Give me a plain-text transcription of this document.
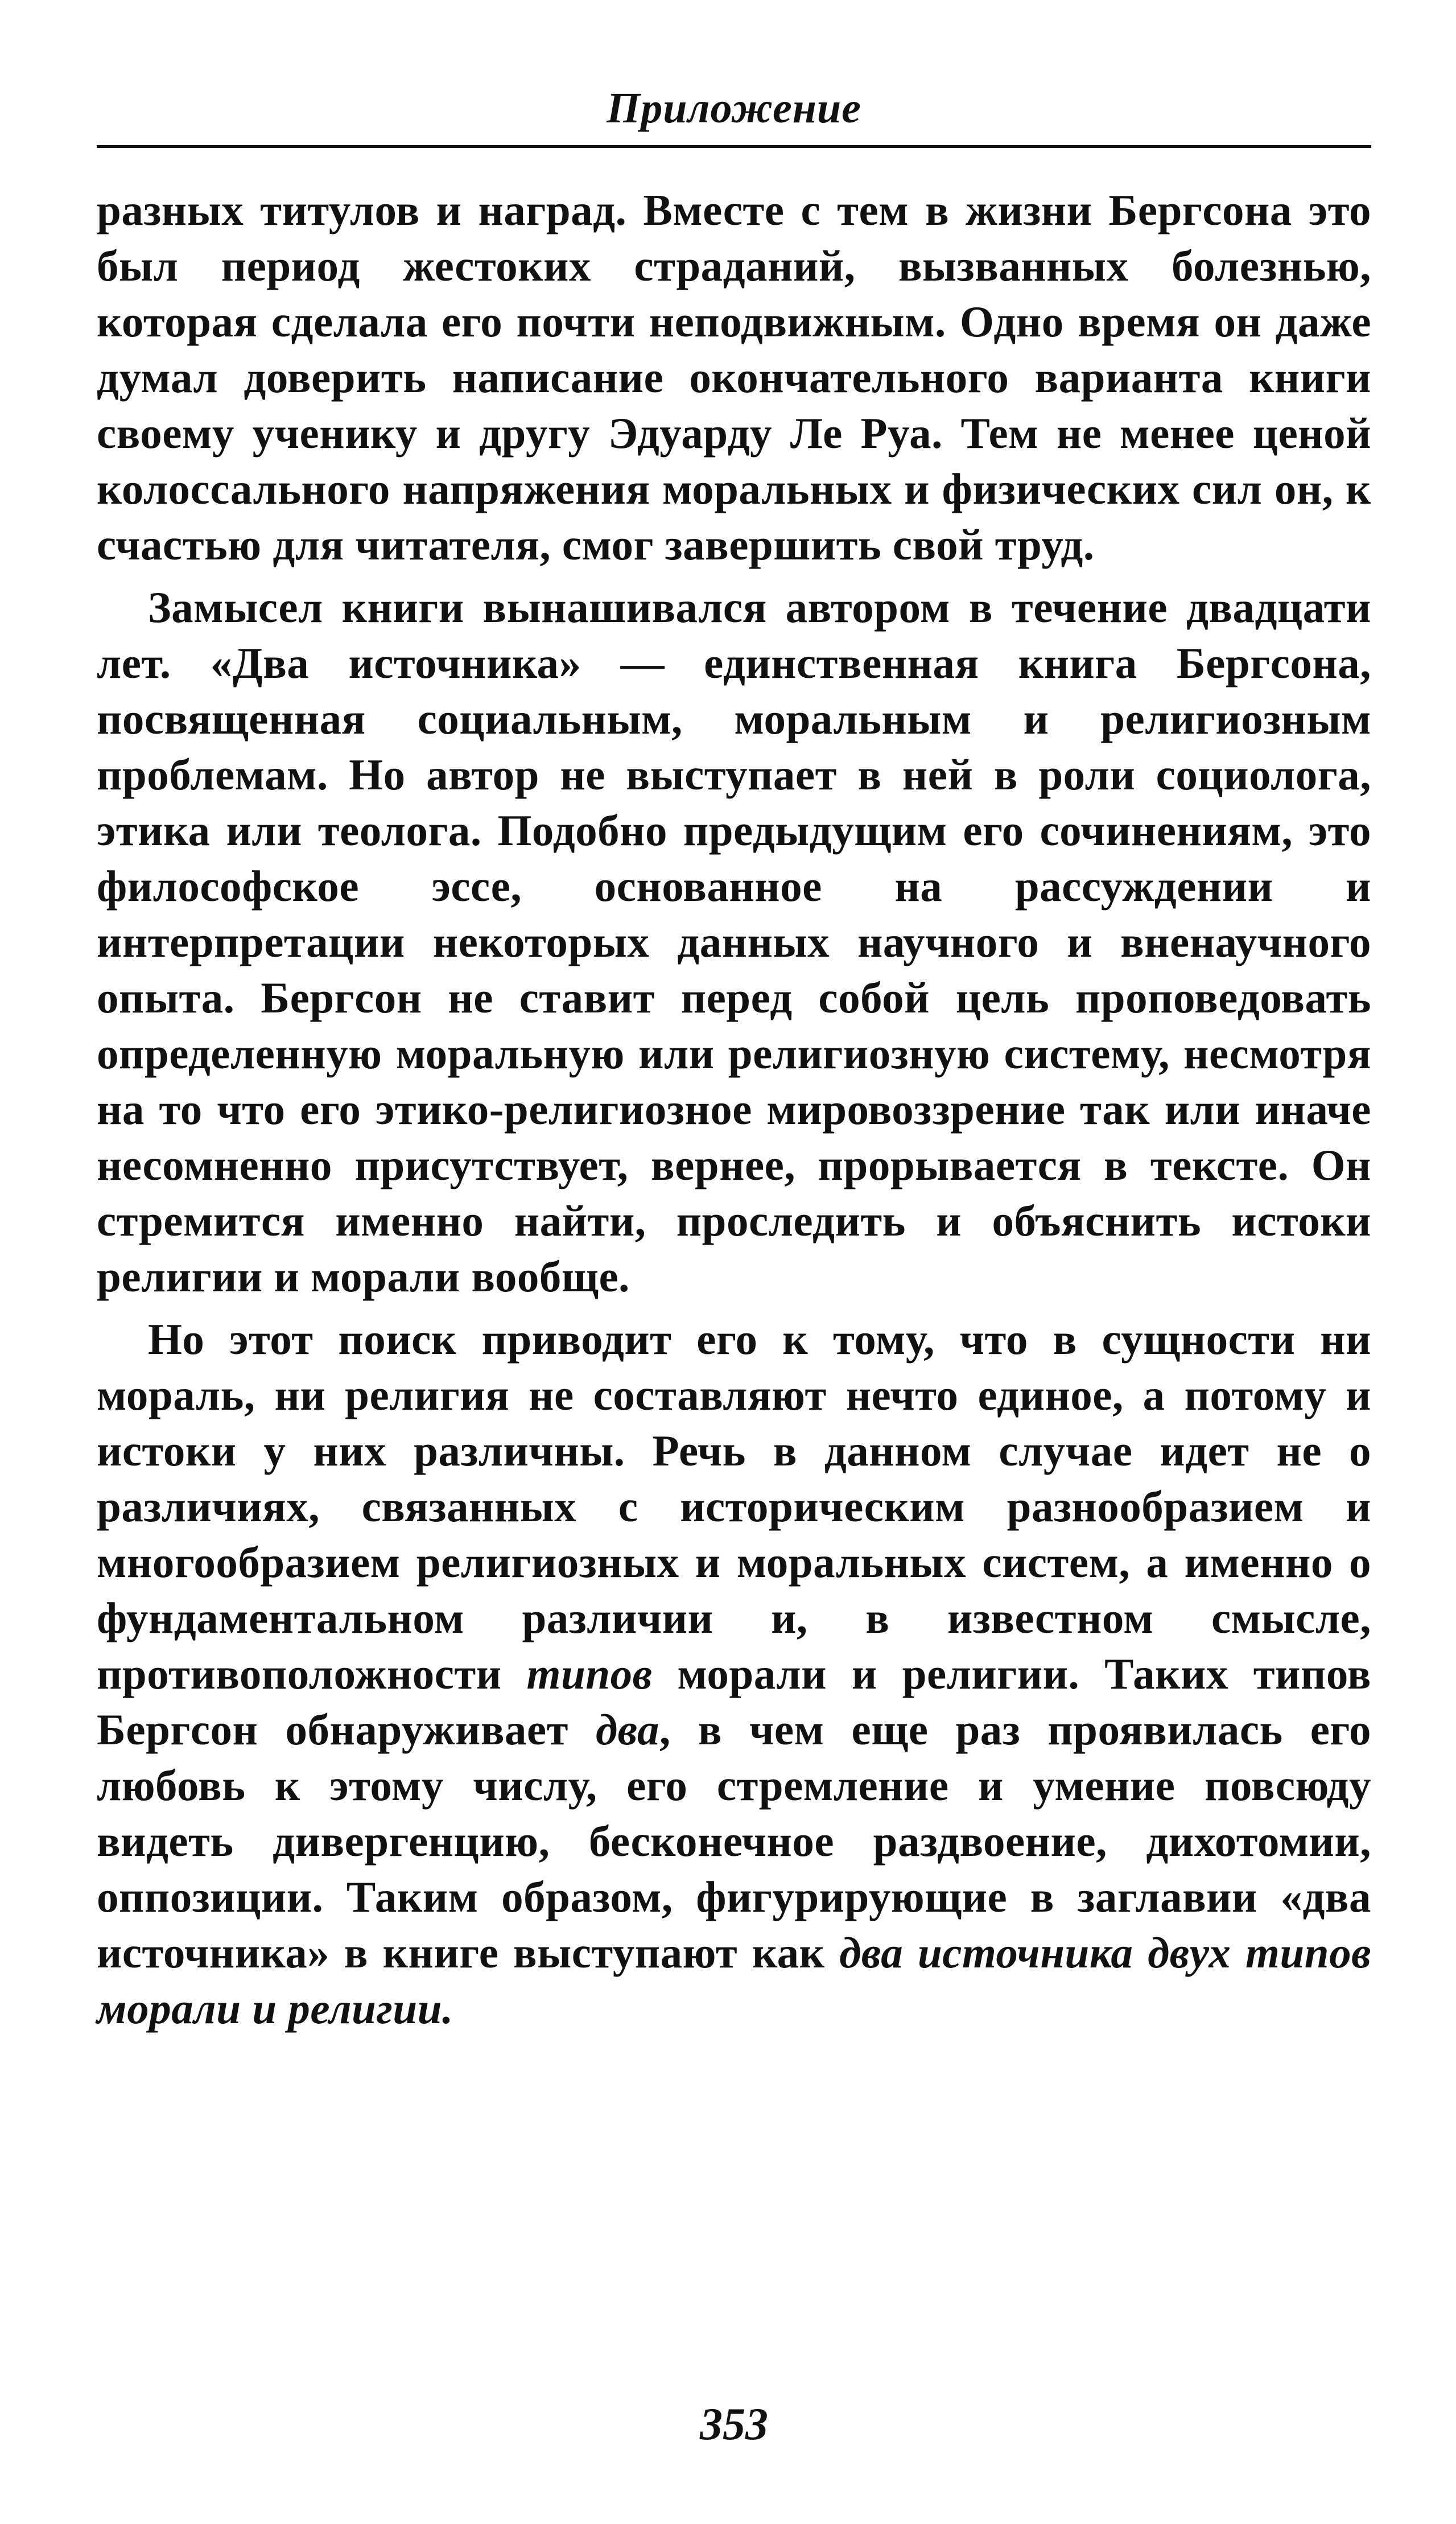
Приложение

разных титулов и наград. Вместе с тем в жизни Бергсона это был период жестоких страданий, вызванных болезнью, которая сделала его почти неподвижным. Одно время он даже думал доверить написание окончательного варианта книги своему ученику и другу Эдуарду Ле Руа. Тем не менее ценой колоссального напряжения моральных и физических сил он, к счастью для читателя, смог завершить свой труд.

Замысел книги вынашивался автором в течение двадцати лет. «Два источника» — единственная книга Бергсона, посвященная социальным, моральным и религиозным проблемам. Но автор не выступает в ней в роли социолога, этика или теолога. Подобно предыдущим его сочинениям, это философское эссе, основанное на рассуждении и интерпретации некоторых данных научного и вненаучного опыта. Бергсон не ставит перед собой цель проповедовать определенную моральную или религиозную систему, несмотря на то что его этико-религиозное мировоззрение так или иначе несомненно присутствует, вернее, прорывается в тексте. Он стремится именно найти, проследить и объяснить истоки религии и морали вообще.

Но этот поиск приводит его к тому, что в сущности ни мораль, ни религия не составляют нечто единое, а потому и истоки у них различны. Речь в данном случае идет не о различиях, связанных с историческим разнообразием и многообразием религиозных и моральных систем, а именно о фундаментальном различии и, в известном смысле, противоположности типов морали и религии. Таких типов Бергсон обнаруживает два, в чем еще раз проявилась его любовь к этому числу, его стремление и умение повсюду видеть дивергенцию, бесконечное раздвоение, дихотомии, оппозиции. Таким образом, фигурирующие в заглавии «два источника» в книге выступают как два источника двух типов морали и религии.

353
